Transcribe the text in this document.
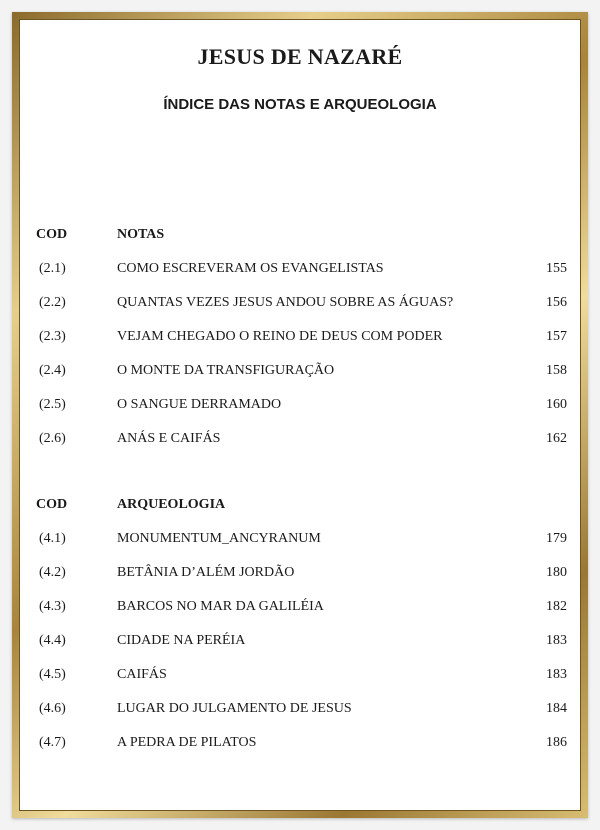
JESUS DE NAZARÉ
ÍNDICE DAS NOTAS E ARQUEOLOGIA
COD	NOTAS
(2.1)	COMO ESCREVERAM OS EVANGELISTAS	155
(2.2)	QUANTAS VEZES JESUS ANDOU SOBRE AS ÁGUAS?	156
(2.3)	VEJAM CHEGADO O REINO DE DEUS COM PODER	157
(2.4)	O MONTE DA TRANSFIGURAÇÃO	158
(2.5)	O SANGUE DERRAMADO	160
(2.6)	ANÁS E CAIFÁS	162
COD	ARQUEOLOGIA
(4.1)	MONUMENTUM_ANCYRANUM	179
(4.2)	BETÂNIA D’ALÉM JORDÃO	180
(4.3)	BARCOS NO MAR DA GALILÉIA	182
(4.4)	CIDADE NA PERÉIA	183
(4.5)	CAIFÁS	183
(4.6)	LUGAR DO JULGAMENTO DE JESUS	184
(4.7)	A PEDRA DE PILATOS	186
